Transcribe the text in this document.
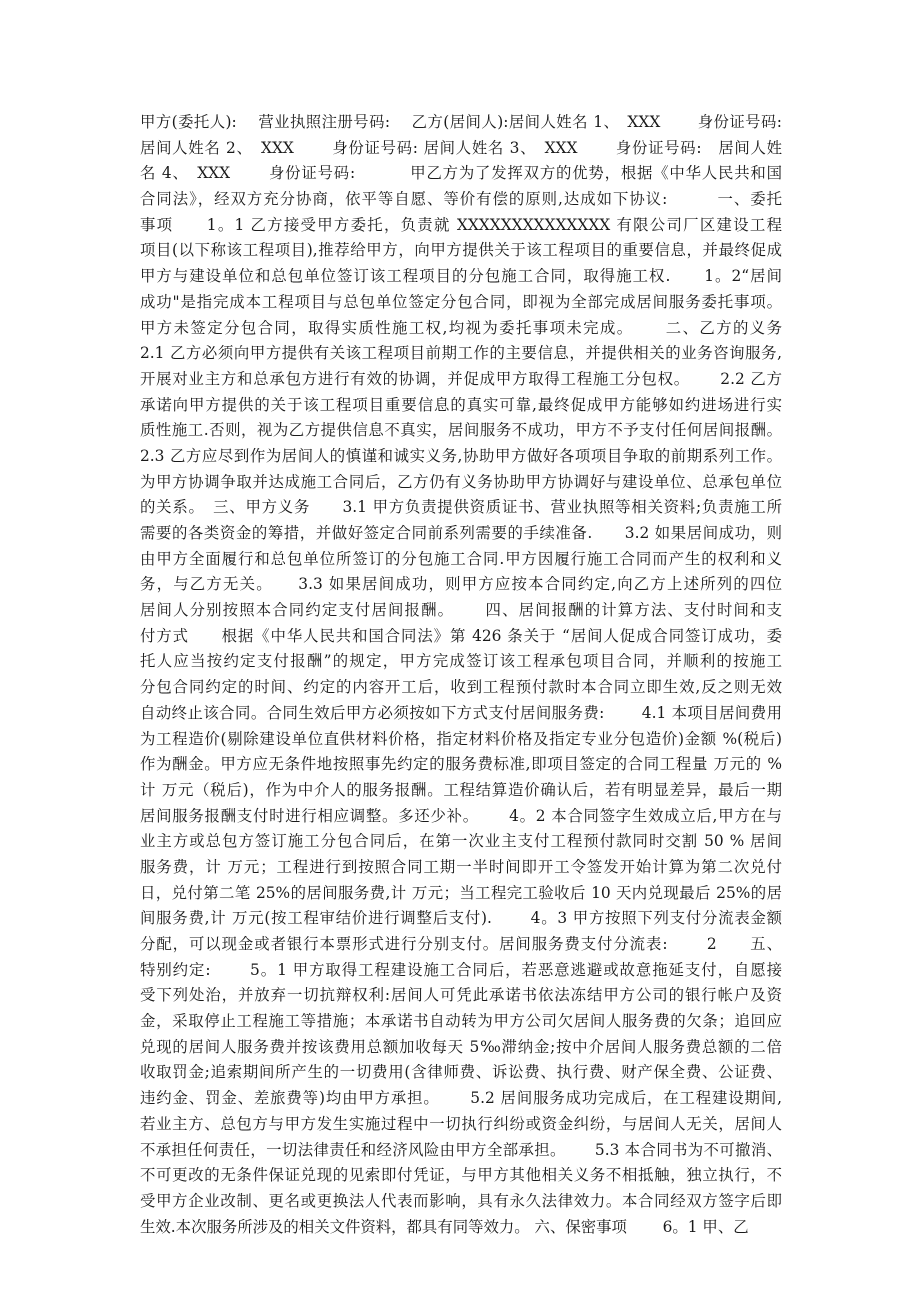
甲方(委托人):　 营业执照注册号码:　 乙方(居间人):居间人姓名 1、　XXX　　 身份证号码:
居间人姓名 2、　XXX　　 身份证号码: 居间人姓名 3、　XXX　　 身份证号码:　居间人姓
名 4、　XXX　　 身份证号码:　　　 甲乙方为了发挥双方的优势，根据《中华人民共和国
合同法》，经双方充分协商，依平等自愿、等价有偿的原则,达成如下协议:　　　一、委托
事项　　1。1 乙方接受甲方委托，负责就 XXXXXXXXXXXXXX 有限公司厂区建设工程
项目(以下称该工程项目),推荐给甲方，向甲方提供关于该工程项目的重要信息，并最终促成
甲方与建设单位和总包单位签订该工程项目的分包施工合同，取得施工权.　　1。2“居间
成功"是指完成本工程项目与总包单位签定分包合同，即视为全部完成居间服务委托事项。
甲方未签定分包合同，取得实质性施工权,均视为委托事项未完成。　　 二、乙方的义务
2.1 乙方必须向甲方提供有关该工程项目前期工作的主要信息，并提供相关的业务咨询服务,
开展对业主方和总承包方进行有效的协调，并促成甲方取得工程施工分包权。　　 2.2 乙方
承诺向甲方提供的关于该工程项目重要信息的真实可靠,最终促成甲方能够如约进场进行实
质性施工.否则，视为乙方提供信息不真实，居间服务不成功，甲方不予支付任何居间报酬。
2.3 乙方应尽到作为居间人的慎谨和诚实义务,协助甲方做好各项项目争取的前期系列工作。
为甲方协调争取并达成施工合同后，乙方仍有义务协助甲方协调好与建设单位、总承包单位
的关系。　三、甲方义务　　3.1 甲方负责提供资质证书、营业执照等相关资料;负责施工所
需要的各类资金的筹措，并做好签定合同前系列需要的手续准备.　　3.2 如果居间成功，则
由甲方全面履行和总包单位所签订的分包施工合同.甲方因履行施工合同而产生的权利和义
务，与乙方无关。　　3.3 如果居间成功，则甲方应按本合同约定,向乙方上述所列的四位
居间人分别按照本合同约定支付居间报酬。　　 四、居间报酬的计算方法、支付时间和支
付方式　　根据《中华人民共和国合同法》第 426 条关于 “居间人促成合同签订成功，委
托人应当按约定支付报酬”的规定，甲方完成签订该工程承包项目合同，并顺利的按施工
分包合同约定的时间、约定的内容开工后，收到工程预付款时本合同立即生效,反之则无效
自动终止该合同。合同生效后甲方必须按如下方式支付居间服务费:　　 4.1 本项目居间费用
为工程造价(剔除建设单位直供材料价格，指定材料价格及指定专业分包造价)金额 %(税后)
作为酬金。甲方应无条件地按照事先约定的服务费标准,即项目签定的合同工程量 万元的 %
计 万元（税后)，作为中介人的服务报酬。工程结算造价确认后，若有明显差异，最后一期
居间服务报酬支付时进行相应调整。多还少补。　　 4。2 本合同签字生效成立后,甲方在与
业主方或总包方签订施工分包合同后，在第一次业主支付工程预付款同时交割 50 % 居间
服务费，计 万元；工程进行到按照合同工期一半时间即开工令签发开始计算为第二次兑付
日，兑付第二笔 25%的居间服务费,计 万元；当工程完工验收后 10 天内兑现最后 25%的居
间服务费,计 万元(按工程审结价进行调整后支付).　　 4。3 甲方按照下列支付分流表金额
分配，可以现金或者银行本票形式进行分别支付。居间服务费支付分流表:　　 2　　五、
特别约定:　　 5。1 甲方取得工程建设施工合同后，若恶意逃避或故意拖延支付，自愿接
受下列处治，并放弃一切抗辩权利:居间人可凭此承诺书依法冻结甲方公司的银行帐户及资
金，采取停止工程施工等措施；本承诺书自动转为甲方公司欠居间人服务费的欠条；追回应
兑现的居间人服务费并按该费用总额加收每天 5‰滞纳金;按中介居间人服务费总额的二倍
收取罚金;追索期间所产生的一切费用(含律师费、诉讼费、执行费、财产保全费、公证费、
违约金、罚金、差旅费等)均由甲方承担。　　 5.2 居间服务成功完成后，在工程建设期间,
若业主方、总包方与甲方发生实施过程中一切执行纠纷或资金纠纷，与居间人无关，居间人
不承担任何责任，一切法律责任和经济风险由甲方全部承担。　　 5.3 本合同书为不可撤消、
不可更改的无条件保证兑现的见索即付凭证，与甲方其他相关义务不相抵触，独立执行，不
受甲方企业改制、更名或更换法人代表而影响，具有永久法律效力。本合同经双方签字后即
生效.本次服务所涉及的相关文件资料，都具有同等效力。 六、保密事项　　 6。1 甲、乙
